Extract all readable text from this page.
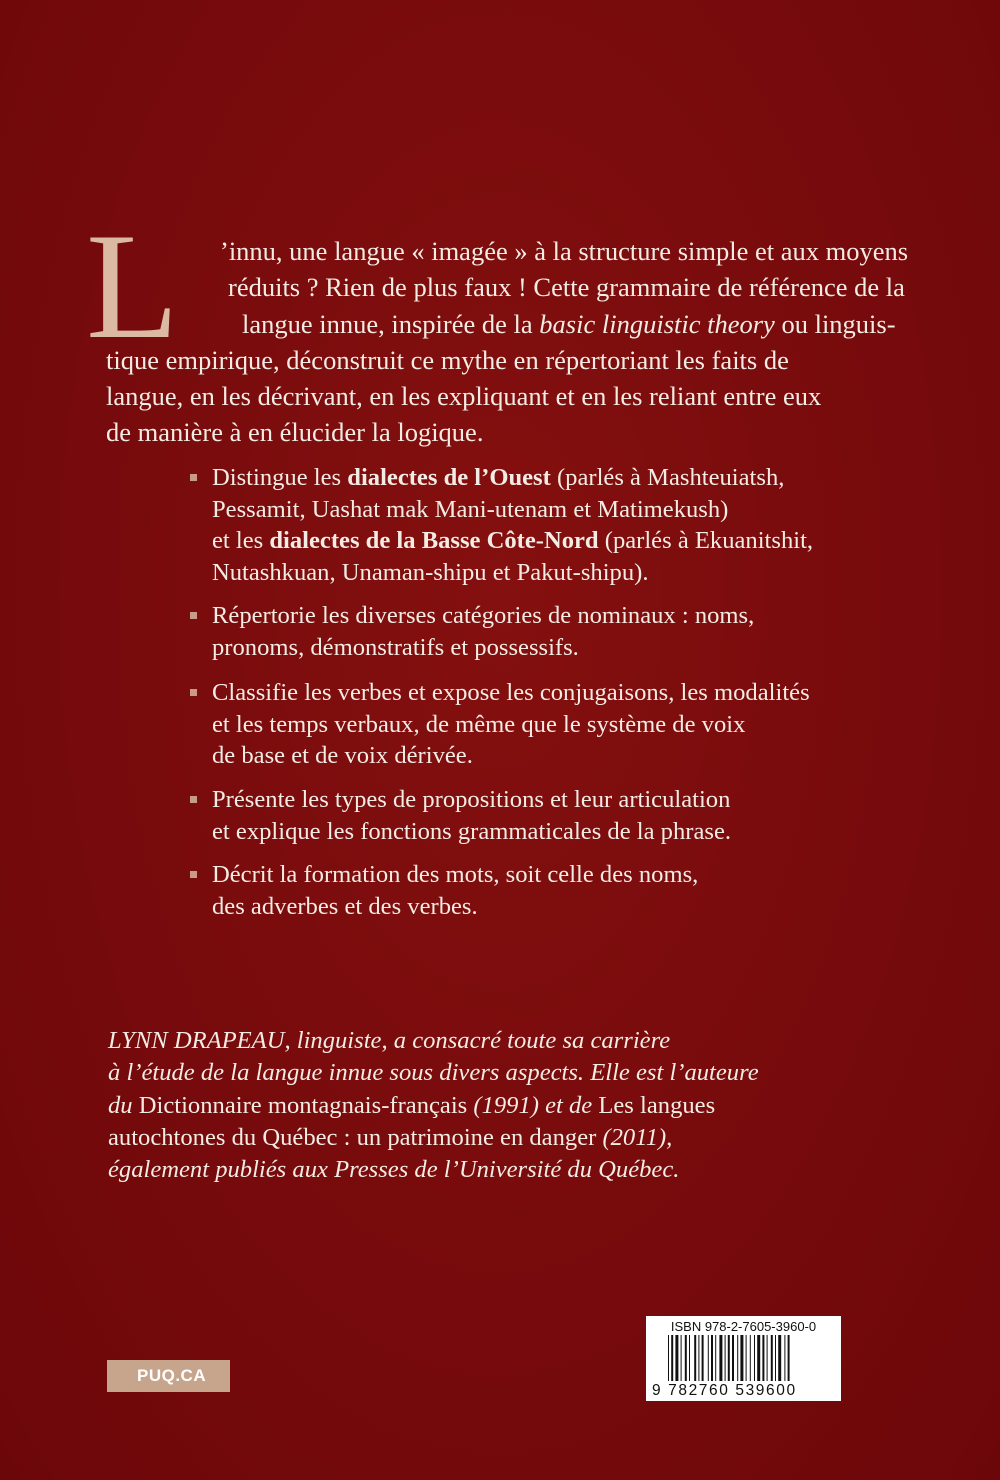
L	’innu, une langue « imagée » à la structure simple et aux moyens
réduits ? Rien de plus faux ! Cette grammaire de référence de la
langue innue, inspirée de la basic linguistic theory ou linguis-
tique empirique, déconstruit ce mythe en répertoriant les faits de
langue, en les décrivant, en les expliquant et en les reliant entre eux
de manière à en élucider la logique.

Distingue les dialectes de l’Ouest (parlés à Mashteuiatsh,
Pessamit, Uashat mak Mani-utenam et Matimekush)
et les dialectes de la Basse Côte-Nord (parlés à Ekuanitshit,
Nutashkuan, Unaman-shipu et Pakut-shipu).
Répertorie les diverses catégories de nominaux : noms,
pronoms, démonstratifs et possessifs.
Classifie les verbes et expose les conjugaisons, les modalités
et les temps verbaux, de même que le système de voix
de base et de voix dérivée.
Présente les types de propositions et leur articulation
et explique les fonctions grammaticales de la phrase.
Décrit la formation des mots, soit celle des noms,
des adverbes et des verbes.

LYNN DRAPEAU, linguiste, a consacré toute sa carrière
à l’étude de la langue innue sous divers aspects. Elle est l’auteure
du Dictionnaire montagnais-français (1991) et de Les langues
autochtones du Québec : un patrimoine en danger (2011),
également publiés aux Presses de l’Université du Québec.

PUQ.CA
ISBN 978-2-7605-3960-0
9 782760 539600
